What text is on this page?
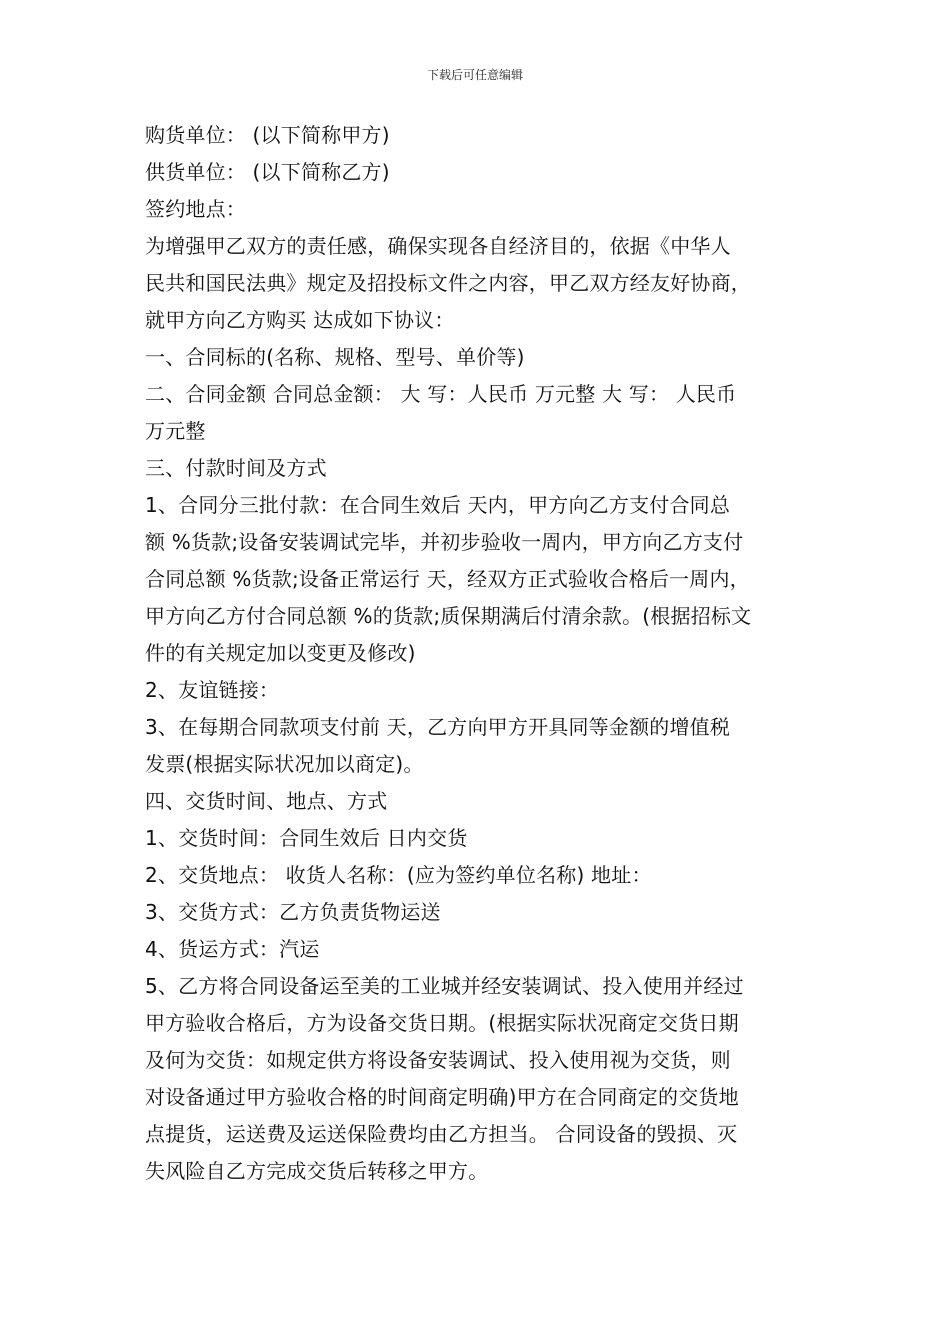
下载后可任意编辑
购货单位： (以下简称甲方)
供货单位： (以下简称乙方)
签约地点：
为增强甲乙双方的责任感，确保实现各自经济目的，依据《中华人
民共和国民法典》规定及招投标文件之内容，甲乙双方经友好协商，
就甲方向乙方购买 达成如下协议：
一、合同标的(名称、规格、型号、单价等)
二、合同金额 合同总金额： 大 写：人民币 万元整 大 写： 人民币
万元整
三、付款时间及方式
1、合同分三批付款：在合同生效后 天内，甲方向乙方支付合同总
额 %货款;设备安装调试完毕，并初步验收一周内，甲方向乙方支付
合同总额 %货款;设备正常运行 天，经双方正式验收合格后一周内，
甲方向乙方付合同总额 %的货款;质保期满后付清余款。(根据招标文
件的有关规定加以变更及修改)
2、友谊链接：
3、在每期合同款项支付前 天，乙方向甲方开具同等金额的增值税
发票(根据实际状况加以商定)。
四、交货时间、地点、方式
1、交货时间：合同生效后 日内交货
2、交货地点： 收货人名称：(应为签约单位名称) 地址：
3、交货方式：乙方负责货物运送
4、货运方式：汽运
5、乙方将合同设备运至美的工业城并经安装调试、投入使用并经过
甲方验收合格后，方为设备交货日期。(根据实际状况商定交货日期
及何为交货：如规定供方将设备安装调试、投入使用视为交货，则
对设备通过甲方验收合格的时间商定明确)甲方在合同商定的交货地
点提货，运送费及运送保险费均由乙方担当。 合同设备的毁损、灭
失风险自乙方完成交货后转移之甲方。
